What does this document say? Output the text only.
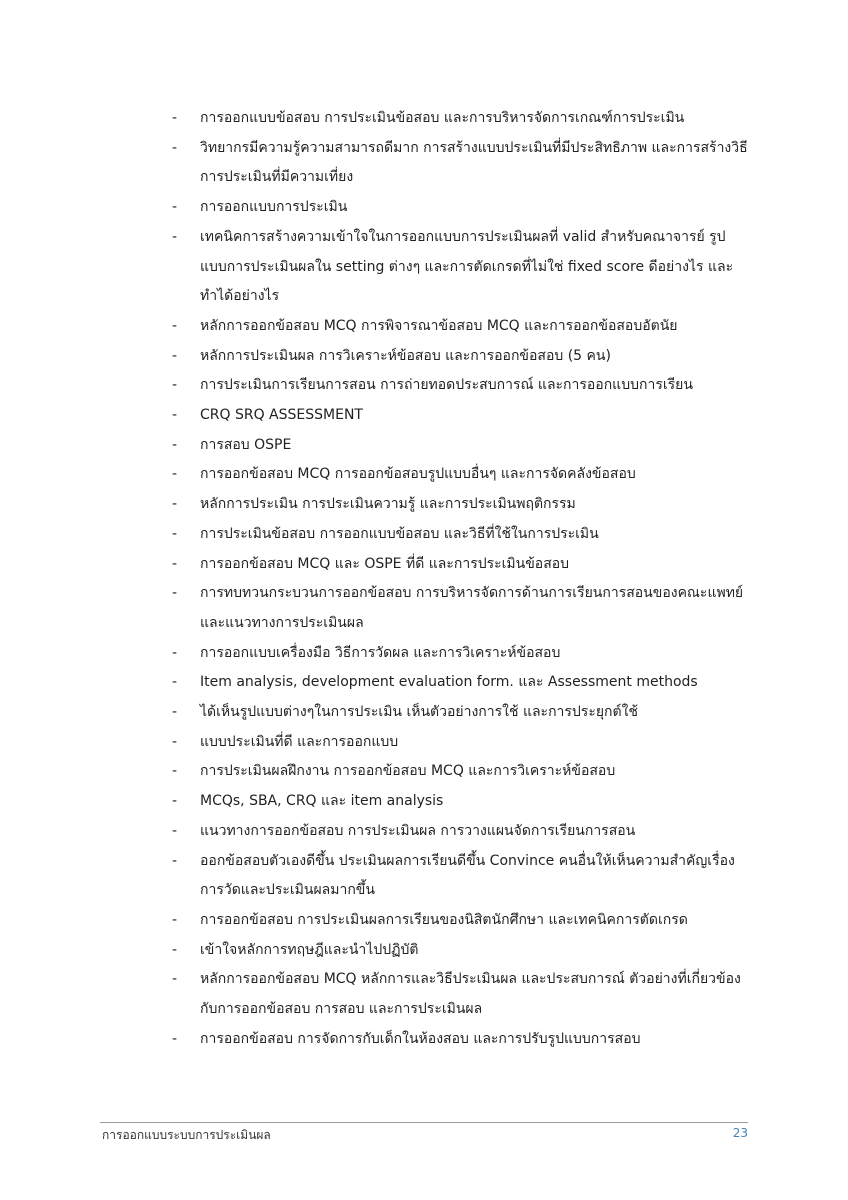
- การออกแบบข้อสอบ การประเมินข้อสอบ และการบริหารจัดการเกณฑ์การประเมิน
- วิทยากรมีความรู้ความสามารถดีมาก การสร้างแบบประเมินที่มีประสิทธิภาพ และการสร้างวิธีการประเมินที่มีความเที่ยง
- การออกแบบการประเมิน
- เทคนิคการสร้างความเข้าใจในการออกแบบการประเมินผลที่ valid สำหรับคณาจารย์ รูปแบบการประเมินผลใน setting ต่างๆ และการตัดเกรดที่ไม่ใช่ fixed score ดีอย่างไร และทำได้อย่างไร
- หลักการออกข้อสอบ MCQ การพิจารณาข้อสอบ MCQ และการออกข้อสอบอัตนัย
- หลักการประเมินผล การวิเคราะห์ข้อสอบ และการออกข้อสอบ (5 คน)
- การประเมินการเรียนการสอน การถ่ายทอดประสบการณ์ และการออกแบบการเรียน
- CRQ SRQ ASSESSMENT
- การสอบ OSPE
- การออกข้อสอบ MCQ การออกข้อสอบรูปแบบอื่นๆ และการจัดคลังข้อสอบ
- หลักการประเมิน การประเมินความรู้ และการประเมินพฤติกรรม
- การประเมินข้อสอบ การออกแบบข้อสอบ และวิธีที่ใช้ในการประเมิน
- การออกข้อสอบ MCQ และ OSPE ที่ดี และการประเมินข้อสอบ
- การทบทวนกระบวนการออกข้อสอบ การบริหารจัดการด้านการเรียนการสอนของคณะแพทย์ และแนวทางการประเมินผล
- การออกแบบเครื่องมือ วิธีการวัดผล และการวิเคราะห์ข้อสอบ
- Item analysis, development evaluation form. และ Assessment methods
- ได้เห็นรูปแบบต่างๆในการประเมิน เห็นตัวอย่างการใช้ และการประยุกต์ใช้
- แบบประเมินที่ดี และการออกแบบ
- การประเมินผลฝึกงาน การออกข้อสอบ MCQ และการวิเคราะห์ข้อสอบ
- MCQs, SBA, CRQ และ item analysis
- แนวทางการออกข้อสอบ การประเมินผล การวางแผนจัดการเรียนการสอน
- ออกข้อสอบตัวเองดีขึ้น ประเมินผลการเรียนดีขึ้น Convince คนอื่นให้เห็นความสำคัญเรื่องการวัดและประเมินผลมากขึ้น
- การออกข้อสอบ การประเมินผลการเรียนของนิสิตนักศึกษา และเทคนิคการตัดเกรด
- เข้าใจหลักการทฤษฎีและนำไปปฏิบัติ
- หลักการออกข้อสอบ MCQ หลักการและวิธีประเมินผล และประสบการณ์ ตัวอย่างที่เกี่ยวข้องกับการออกข้อสอบ การสอบ และการประเมินผล
- การออกข้อสอบ การจัดการกับเด็กในห้องสอบ และการปรับรูปแบบการสอบ
การออกแบบระบบการประเมินผล	23
